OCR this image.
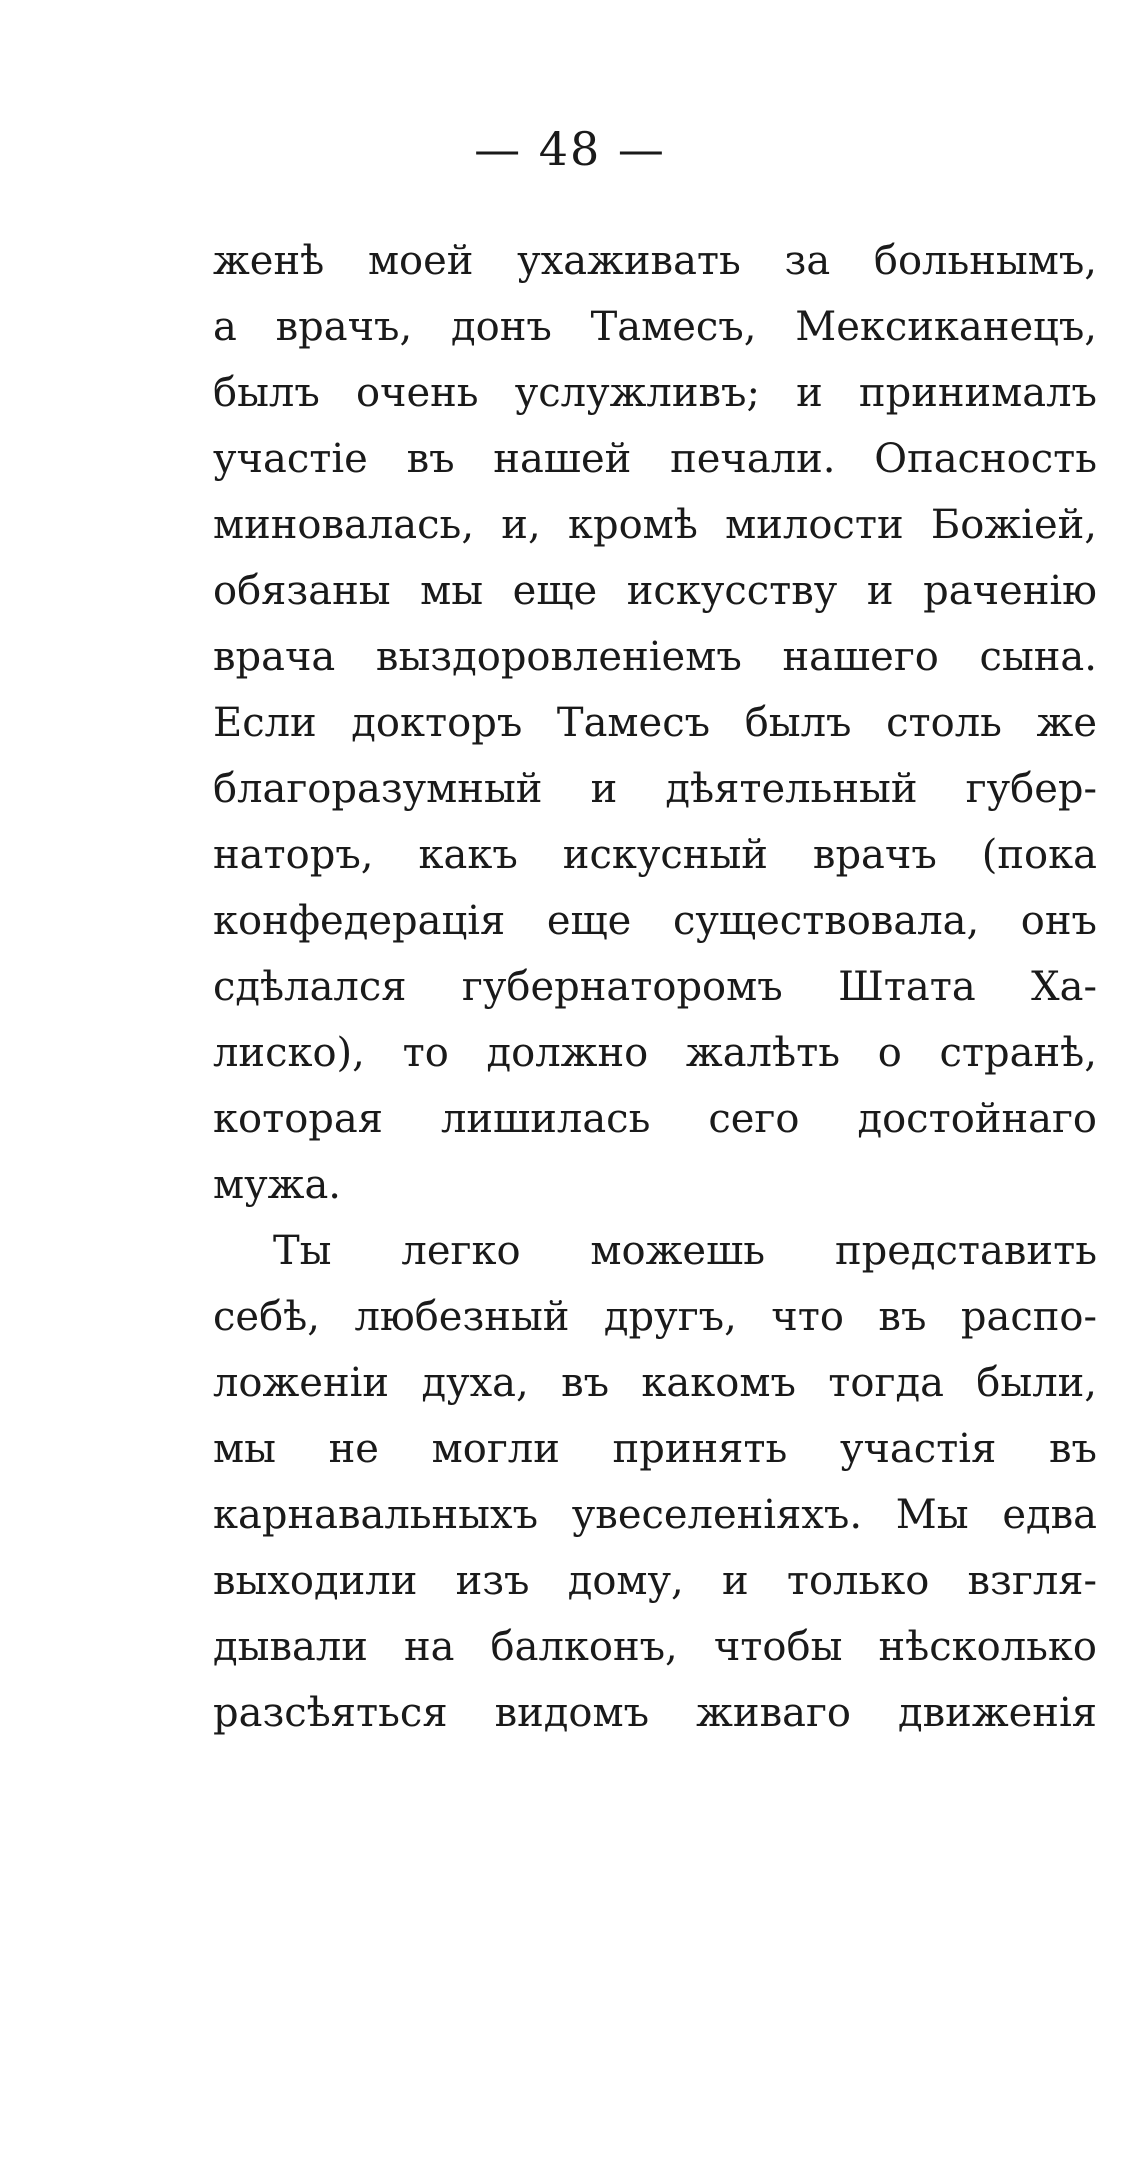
— 48 —
женѣ моей ухаживать за больнымъ,
а врачъ, донъ Тамесъ, Мексиканецъ,
былъ очень услужливъ; и принималъ
участіе въ нашей печали. Опасность
миновалась, и, кромѣ милости Божіей,
обязаны мы еще искусству и раченію
врача выздоровленіемъ нашего сына.
Если докторъ Тамесъ былъ столь же
благоразумный и дѣятельный губер-
наторъ, какъ искусный врачъ (пока
конфедерація еще существовала, онъ
сдѣлался губернаторомъ Штата Ха-
лиско), то должно жалѣть о странѣ,
которая лишилась сего достойнаго
мужа.
Ты легко можешь представить
себѣ, любезный другъ, что въ распо-
ложеніи духа, въ какомъ тогда были,
мы не могли принять участія въ
карнавальныхъ увеселеніяхъ. Мы едва
выходили изъ дому, и только взгля-
дывали на балконъ, чтобы нѣсколько
разсѣяться видомъ живаго движенія
